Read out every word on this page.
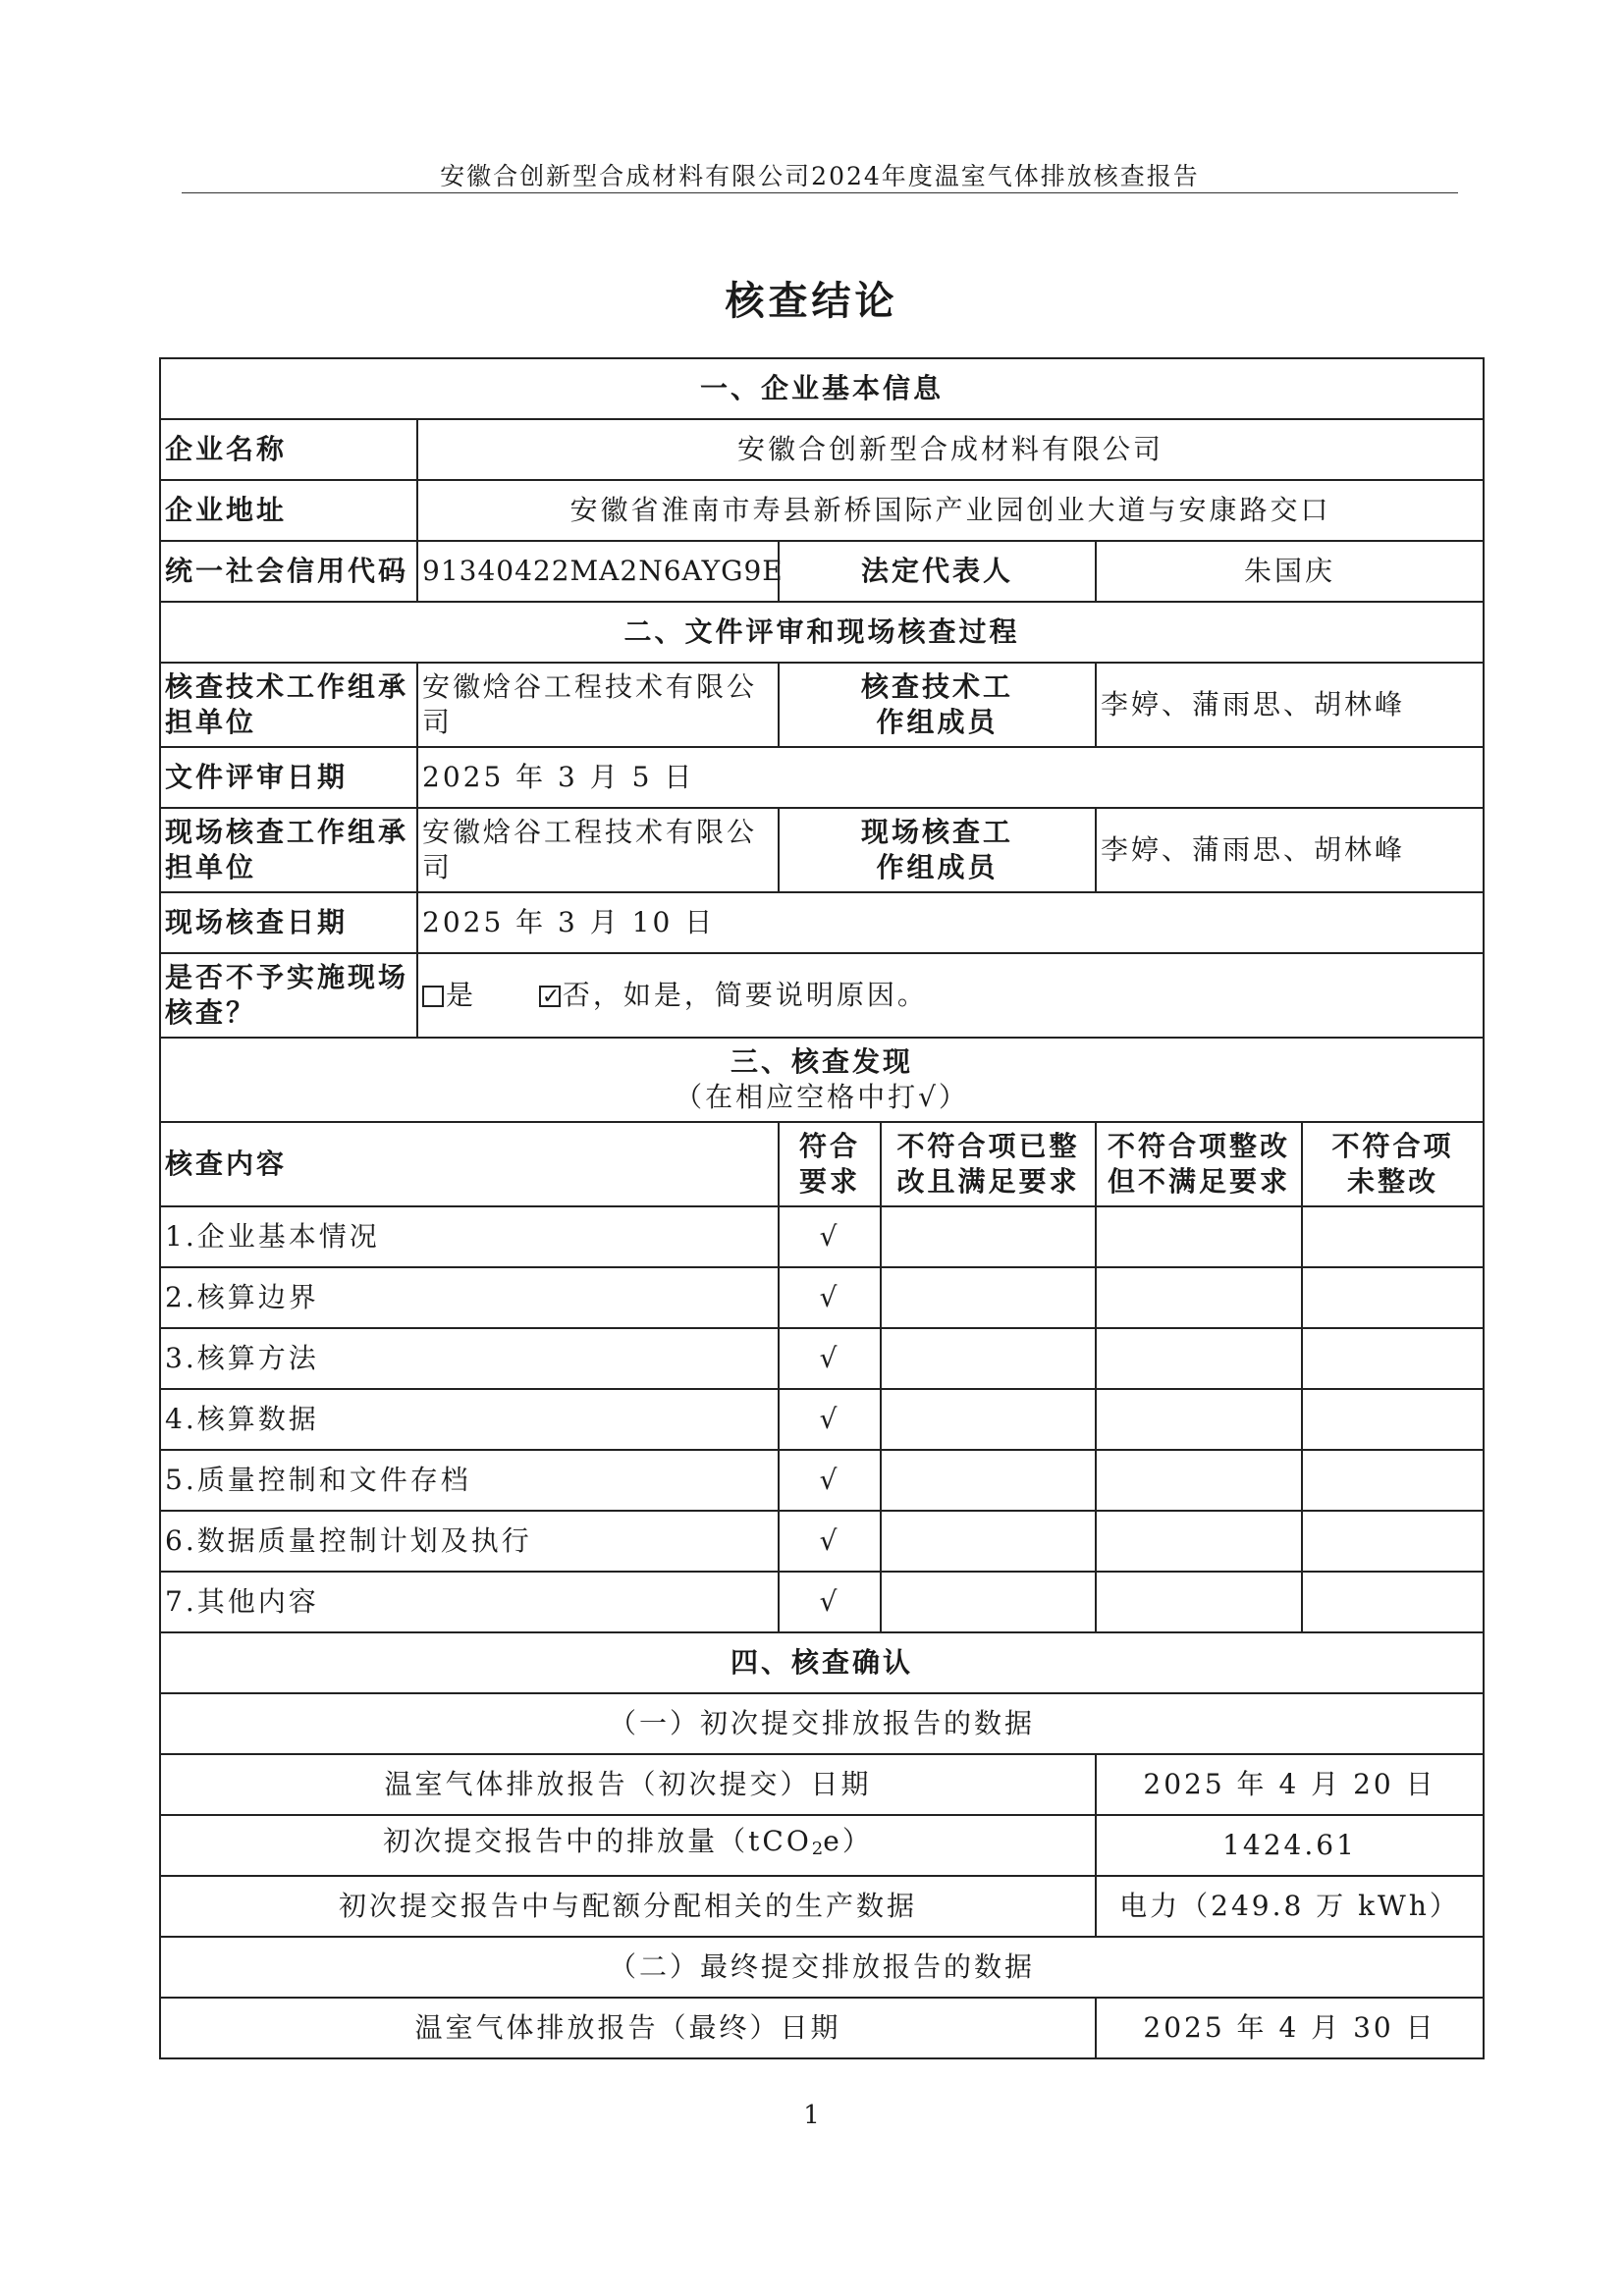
安徽合创新型合成材料有限公司2024年度温室气体排放核查报告
核查结论
一、企业基本信息					
企业名称	安徽合创新型合成材料有限公司				
企业地址	安徽省淮南市寿县新桥国际产业园创业大道与安康路交口				
统一社会信用代码	91340422MA2N6AYG9E	法定代表人		朱国庆	
二、文件评审和现场核查过程					
核查技术工作组承担单位	安徽焓谷工程技术有限公司	核查技术工作组成员		李婷、蒲雨思、胡林峰	
文件评审日期	2025 年 3 月 5 日				
现场核查工作组承担单位	安徽焓谷工程技术有限公司	现场核查工作组成员		李婷、蒲雨思、胡林峰	
现场核查日期	2025 年 3 月 10 日				
是否不予实施现场核查？	是 ✓ 否，如是，简要说明原因。

三、核查发现
（在相应空格中打√）					

核查内容		符合要求	不符合项已整改且满足要求	不符合项整改但不满足要求	不符合项未整改
1.企业基本情况		√			
2.核算边界		√			
3.核算方法		√			
4.核算数据		√			
5.质量控制和文件存档		√			
6.数据质量控制计划及执行		√			
7.其他内容		√			
四、核查确认					
（一）初次提交排放报告的数据					
温室气体排放报告（初次提交）日期				2025 年 4 月 20 日	
初次提交报告中的排放量（tCO$_2$e）				1424.61	
初次提交报告中与配额分配相关的生产数据				电力（249.8 万 kWh）	
（二）最终提交排放报告的数据					
温室气体排放报告（最终）日期				2025 年 4 月 30 日	
1
